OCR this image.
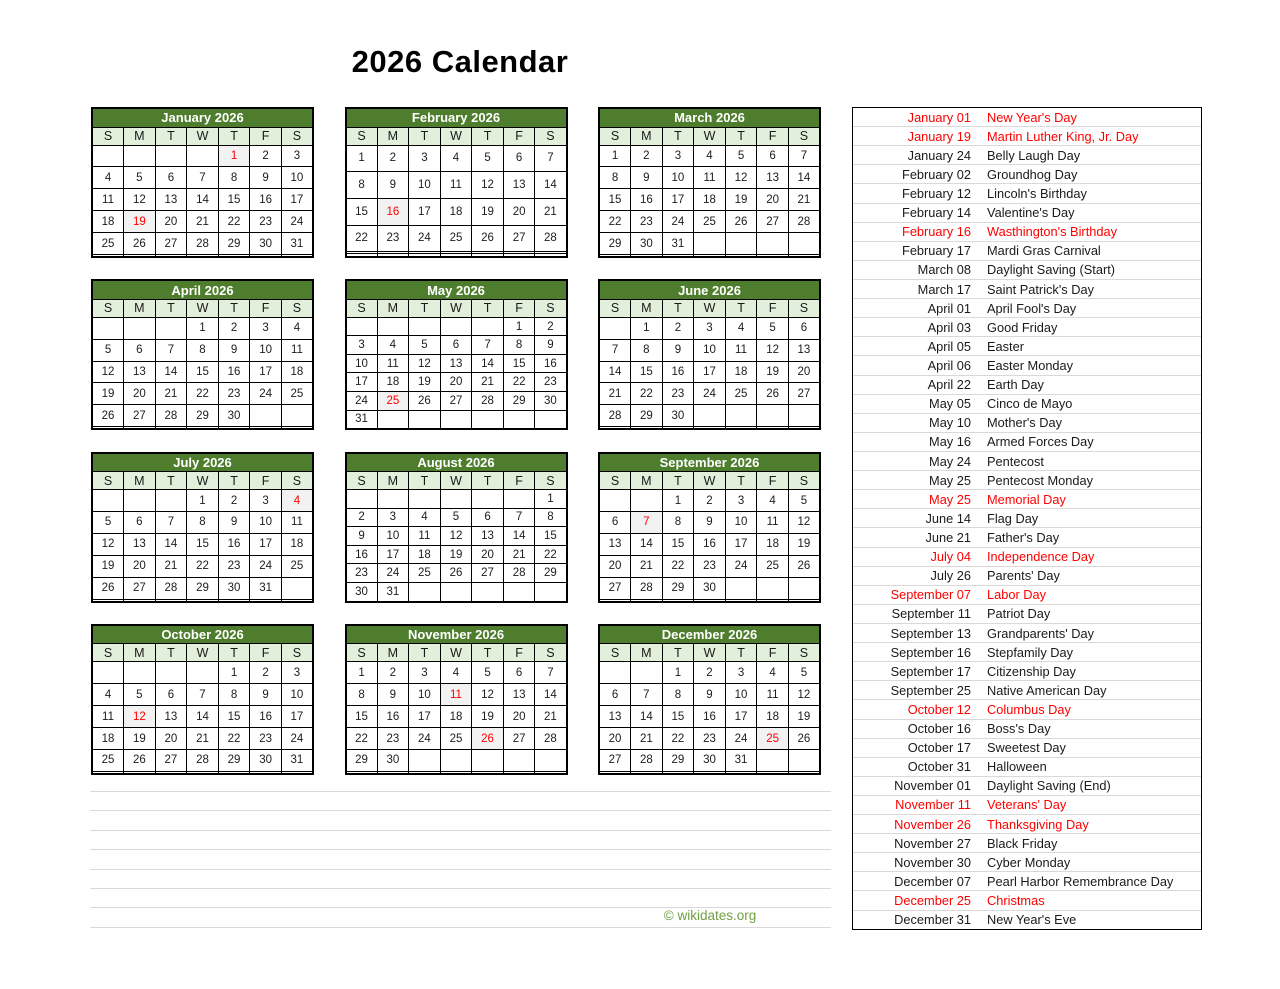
2026 Calendar
January 2026						
S	M	T	W	T	F	S
				1	2	3
4	5	6	7	8	9	10
11	12	13	14	15	16	17
18	19	20	21	22	23	24
25	26	27	28	29	30	31

February 2026						
S	M	T	W	T	F	S
1	2	3	4	5	6	7
8	9	10	11	12	13	14
15	16	17	18	19	20	21
22	23	24	25	26	27	28

March 2026						
S	M	T	W	T	F	S
1	2	3	4	5	6	7
8	9	10	11	12	13	14
15	16	17	18	19	20	21
22	23	24	25	26	27	28
29	30	31				

April 2026						
S	M	T	W	T	F	S
			1	2	3	4
5	6	7	8	9	10	11
12	13	14	15	16	17	18
19	20	21	22	23	24	25
26	27	28	29	30		

May 2026						
S	M	T	W	T	F	S
					1	2
3	4	5	6	7	8	9
10	11	12	13	14	15	16
17	18	19	20	21	22	23
24	25	26	27	28	29	30
31						
June 2026						
S	M	T	W	T	F	S
	1	2	3	4	5	6
7	8	9	10	11	12	13
14	15	16	17	18	19	20
21	22	23	24	25	26	27
28	29	30				

July 2026						
S	M	T	W	T	F	S
			1	2	3	4
5	6	7	8	9	10	11
12	13	14	15	16	17	18
19	20	21	22	23	24	25
26	27	28	29	30	31	

August 2026						
S	M	T	W	T	F	S
						1
2	3	4	5	6	7	8
9	10	11	12	13	14	15
16	17	18	19	20	21	22
23	24	25	26	27	28	29
30	31					
September 2026						
S	M	T	W	T	F	S
		1	2	3	4	5
6	7	8	9	10	11	12
13	14	15	16	17	18	19
20	21	22	23	24	25	26
27	28	29	30			

October 2026						
S	M	T	W	T	F	S
				1	2	3
4	5	6	7	8	9	10
11	12	13	14	15	16	17
18	19	20	21	22	23	24
25	26	27	28	29	30	31

November 2026						
S	M	T	W	T	F	S
1	2	3	4	5	6	7
8	9	10	11	12	13	14
15	16	17	18	19	20	21
22	23	24	25	26	27	28
29	30					

December 2026						
S	M	T	W	T	F	S
		1	2	3	4	5
6	7	8	9	10	11	12
13	14	15	16	17	18	19
20	21	22	23	24	25	26
27	28	29	30	31		

January 01	New Year's Day
January 19	Martin Luther King, Jr. Day
January 24	Belly Laugh Day
February 02	Groundhog Day
February 12	Lincoln's Birthday
February 14	Valentine's Day
February 16	Wasthington's Birthday
February 17	Mardi Gras Carnival
March 08	Daylight Saving (Start)
March 17	Saint Patrick's Day
April 01	April Fool's Day
April 03	Good Friday
April 05	Easter
April 06	Easter Monday
April 22	Earth Day
May 05	Cinco de Mayo
May 10	Mother's Day
May 16	Armed Forces Day
May 24	Pentecost
May 25	Pentecost Monday
May 25	Memorial Day
June 14	Flag Day
June 21	Father's Day
July 04	Independence Day
July 26	Parents' Day
September 07	Labor Day
September 11	Patriot Day
September 13	Grandparents' Day
September 16	Stepfamily Day
September 17	Citizenship Day
September 25	Native American Day
October 12	Columbus Day
October 16	Boss's Day
October 17	Sweetest Day
October 31	Halloween
November 01	Daylight Saving (End)
November 11	Veterans' Day
November 26	Thanksgiving Day
November 27	Black Friday
November 30	Cyber Monday
December 07	Pearl Harbor Remembrance Day
December 25	Christmas
December 31	New Year's Eve
© wikidates.org
